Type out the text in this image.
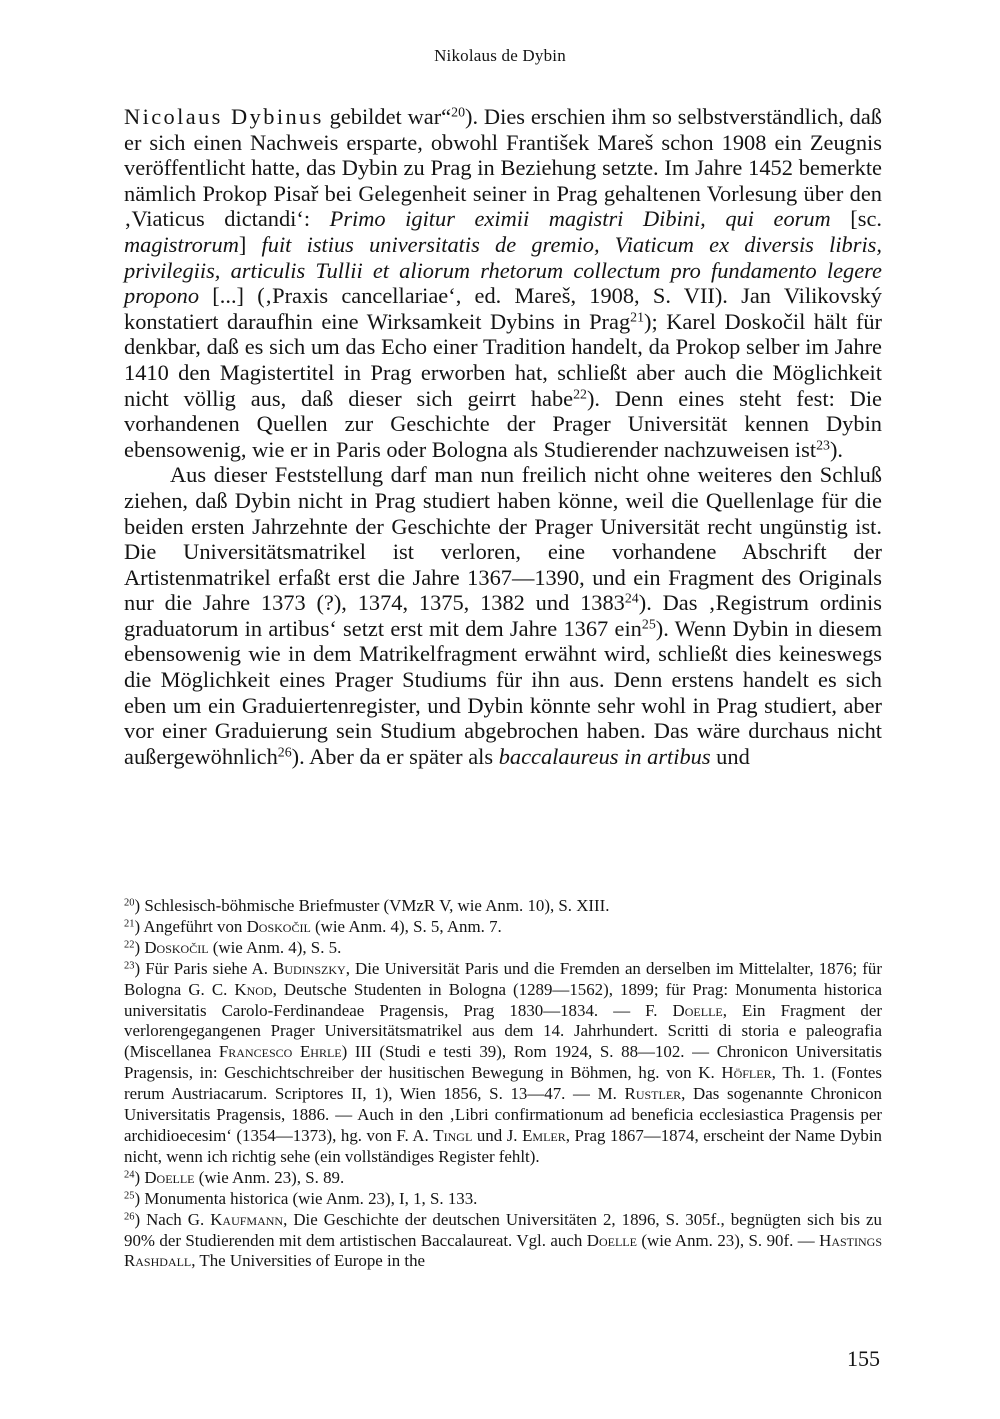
Nikolaus de Dybin

Nicolaus Dybinus gebildet war“$^{20}$). Dies erschien ihm so selbstverständlich, daß er sich einen Nachweis ersparte, obwohl František Mareš schon 1908 ein Zeugnis veröffentlicht hatte, das Dybin zu Prag in Beziehung setzte. Im Jahre 1452 bemerkte nämlich Prokop Pisař bei Gelegenheit seiner in Prag gehaltenen Vorlesung über den ‚Viaticus dictandi‘: Primo igitur eximii magistri Dibini, qui eorum [sc. magistrorum] fuit istius universitatis de gremio, Viaticum ex diversis libris, privilegiis, articulis Tullii et aliorum rhetorum collectum pro fundamento legere propono [...] (‚Praxis cancellariae‘, ed. Mareš, 1908, S. VII). Jan Vilikovský konstatiert daraufhin eine Wirksamkeit Dybins in Prag$^{21}$); Karel Doskočil hält für denkbar, daß es sich um das Echo einer Tradition handelt, da Prokop selber im Jahre 1410 den Magistertitel in Prag erworben hat, schließt aber auch die Möglichkeit nicht völlig aus, daß dieser sich geirrt habe$^{22}$). Denn eines steht fest: Die vorhandenen Quellen zur Geschichte der Prager Universität kennen Dybin ebensowenig, wie er in Paris oder Bologna als Studierender nachzuweisen ist$^{23}$).

Aus dieser Feststellung darf man nun freilich nicht ohne weiteres den Schluß ziehen, daß Dybin nicht in Prag studiert haben könne, weil die Quellenlage für die beiden ersten Jahrzehnte der Geschichte der Prager Universität recht ungünstig ist. Die Universitätsmatrikel ist verloren, eine vorhandene Abschrift der Artistenmatrikel erfaßt erst die Jahre 1367—1390, und ein Fragment des Originals nur die Jahre 1373 (?), 1374, 1375, 1382 und 1383$^{24}$). Das ‚Registrum ordinis graduatorum in artibus‘ setzt erst mit dem Jahre 1367 ein$^{25}$). Wenn Dybin in diesem ebensowenig wie in dem Matrikelfragment erwähnt wird, schließt dies keineswegs die Möglichkeit eines Prager Studiums für ihn aus. Denn erstens handelt es sich eben um ein Graduiertenregister, und Dybin könnte sehr wohl in Prag studiert, aber vor einer Graduierung sein Studium abgebrochen haben. Das wäre durchaus nicht außergewöhnlich$^{26}$). Aber da er später als baccalaureus in artibus und

$^{20}$) Schlesisch-böhmische Briefmuster (VMzR V, wie Anm. 10), S. XIII.

$^{21}$) Angeführt von Doskočil (wie Anm. 4), S. 5, Anm. 7.

$^{22}$) Doskočil (wie Anm. 4), S. 5.

$^{23}$) Für Paris siehe A. Budinszky, Die Universität Paris und die Fremden an derselben im Mittelalter, 1876; für Bologna G. C. Knod, Deutsche Studenten in Bologna (1289—1562), 1899; für Prag: Monumenta historica universitatis Carolo-Ferdinandeae Pragensis, Prag 1830—1834. — F. Doelle, Ein Fragment der verlorengegangenen Prager Universitätsmatrikel aus dem 14. Jahrhundert. Scritti di storia e paleografia (Miscellanea Francesco Ehrle) III (Studi e testi 39), Rom 1924, S. 88—102. — Chronicon Universitatis Pragensis, in: Geschichtschreiber der husitischen Bewegung in Böhmen, hg. von K. Höfler, Th. 1. (Fontes rerum Austriacarum. Scriptores II, 1), Wien 1856, S. 13—47. — M. Rustler, Das sogenannte Chronicon Universitatis Pragensis, 1886. — Auch in den ‚Libri confirmationum ad beneficia ecclesiastica Pragensis per archidioecesim‘ (1354—1373), hg. von F. A. Tingl und J. Emler, Prag 1867—1874, erscheint der Name Dybin nicht, wenn ich richtig sehe (ein vollständiges Register fehlt).

$^{24}$) Doelle (wie Anm. 23), S. 89.

$^{25}$) Monumenta historica (wie Anm. 23), I, 1, S. 133.

$^{26}$) Nach G. Kaufmann, Die Geschichte der deutschen Universitäten 2, 1896, S. 305f., begnügten sich bis zu 90% der Studierenden mit dem artistischen Baccalaureat. Vgl. auch Doelle (wie Anm. 23), S. 90f. — Hastings Rashdall, The Universities of Europe in the

155
